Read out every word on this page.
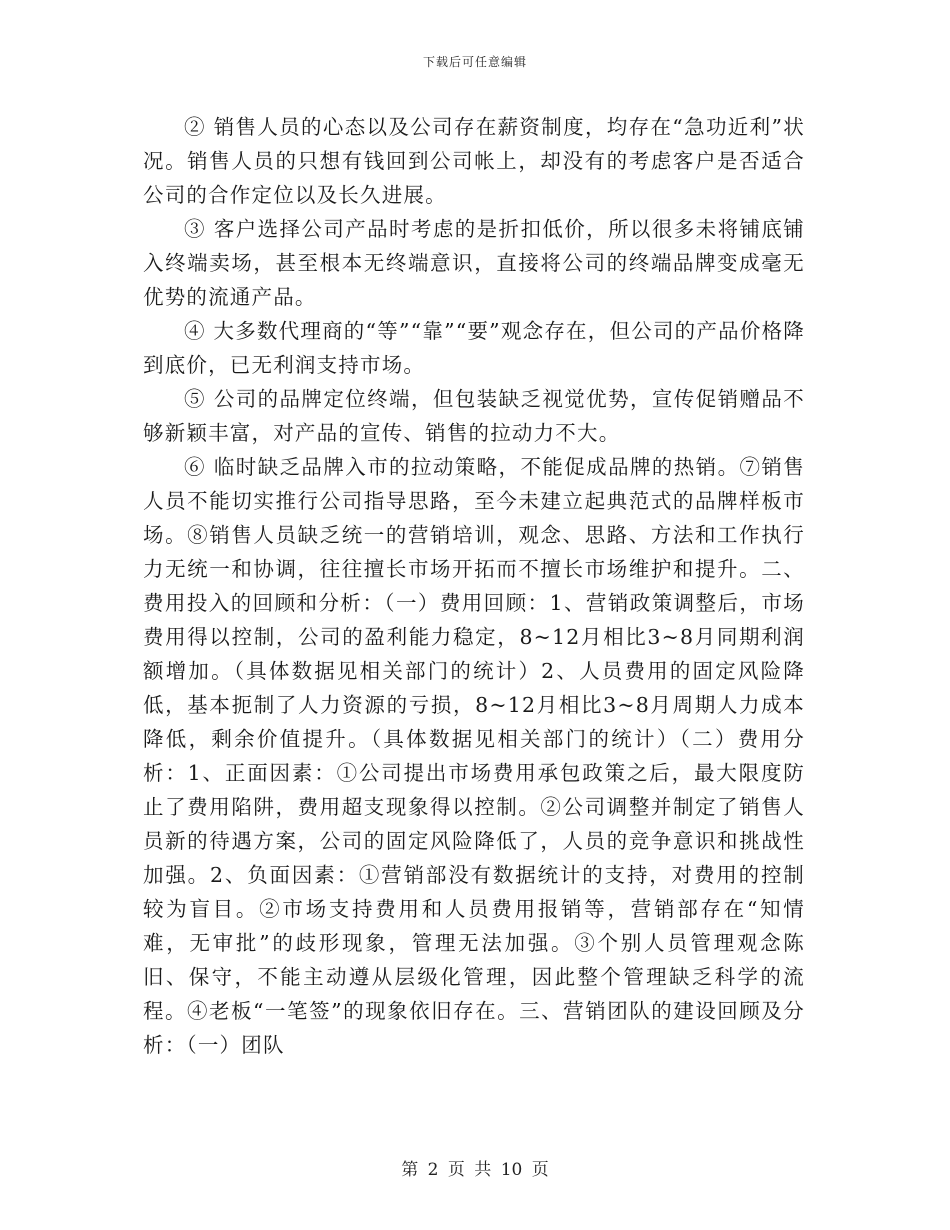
下载后可任意编辑

② 销售人员的心态以及公司存在薪资制度，均存在“急功近利”状况。销售人员的只想有钱回到公司帐上，却没有的考虑客户是否适合公司的合作定位以及长久进展。

③ 客户选择公司产品时考虑的是折扣低价，所以很多未将铺底铺入终端卖场，甚至根本无终端意识，直接将公司的终端品牌变成毫无优势的流通产品。

④ 大多数代理商的“等”“靠”“要”观念存在，但公司的产品价格降到底价，已无利润支持市场。

⑤ 公司的品牌定位终端，但包装缺乏视觉优势，宣传促销赠品不够新颖丰富，对产品的宣传、销售的拉动力不大。

⑥ 临时缺乏品牌入市的拉动策略，不能促成品牌的热销。⑦销售人员不能切实推行公司指导思路，至今未建立起典范式的品牌样板市场。⑧销售人员缺乏统一的营销培训，观念、思路、方法和工作执行力无统一和协调，往往擅长市场开拓而不擅长市场维护和提升。二、费用投入的回顾和分析：（一）费用回顾：1、营销政策调整后，市场费用得以控制，公司的盈利能力稳定，8~12月相比3~8月同期利润额增加。（具体数据见相关部门的统计）2、人员费用的固定风险降低，基本扼制了人力资源的亏损，8~12月相比3~8月周期人力成本降低，剩余价值提升。（具体数据见相关部门的统计）（二）费用分析：1、正面因素：①公司提出市场费用承包政策之后，最大限度防止了费用陷阱，费用超支现象得以控制。②公司调整并制定了销售人员新的待遇方案，公司的固定风险降低了，人员的竞争意识和挑战性加强。2、负面因素：①营销部没有数据统计的支持，对费用的控制较为盲目。②市场支持费用和人员费用报销等，营销部存在“知情难，无审批”的歧形现象，管理无法加强。③个别人员管理观念陈旧、保守，不能主动遵从层级化管理，因此整个管理缺乏科学的流程。④老板“一笔签”的现象依旧存在。三、营销团队的建设回顾及分析：（一）团队

第 2 页 共 10 页
